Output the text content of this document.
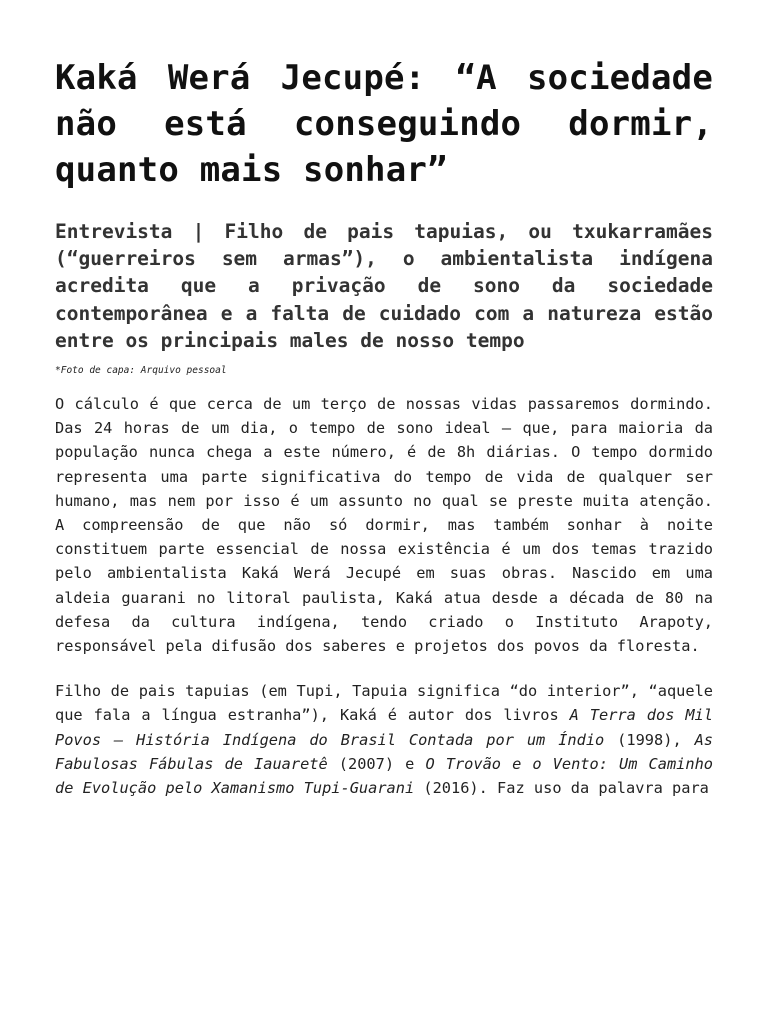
Kaká Werá Jecupé: “A sociedade não está conseguindo dormir, quanto mais sonhar”

Entrevista | Filho de pais tapuias, ou txukarramães (“guerreiros sem armas”), o ambientalista indígena acredita que a privação de sono da sociedade contemporânea e a falta de cuidado com a natureza estão entre os principais males de nosso tempo

*Foto de capa: Arquivo pessoal

O cálculo é que cerca de um terço de nossas vidas passaremos dormindo. Das 24 horas de um dia, o tempo de sono ideal – que, para maioria da população nunca chega a este número, é de 8h diárias. O tempo dormido representa uma parte significativa do tempo de vida de qualquer ser humano, mas nem por isso é um assunto no qual se preste muita atenção. A compreensão de que não só dormir, mas também sonhar à noite constituem parte essencial de nossa existência é um dos temas trazido pelo ambientalista Kaká Werá Jecupé em suas obras. Nascido em uma aldeia guarani no litoral paulista, Kaká atua desde a década de 80 na defesa da cultura indígena, tendo criado o Instituto Arapoty, responsável pela difusão dos saberes e projetos dos povos da floresta.

Filho de pais tapuias (em Tupi, Tapuia significa “do interior”, “aquele que fala a língua estranha”), Kaká é autor dos livros A Terra dos Mil Povos – História Indígena do Brasil Contada por um Índio (1998), As Fabulosas Fábulas de Iauaretê (2007) e O Trovão e o Vento: Um Caminho de Evolução pelo Xamanismo Tupi-Guarani (2016). Faz uso da palavra para
